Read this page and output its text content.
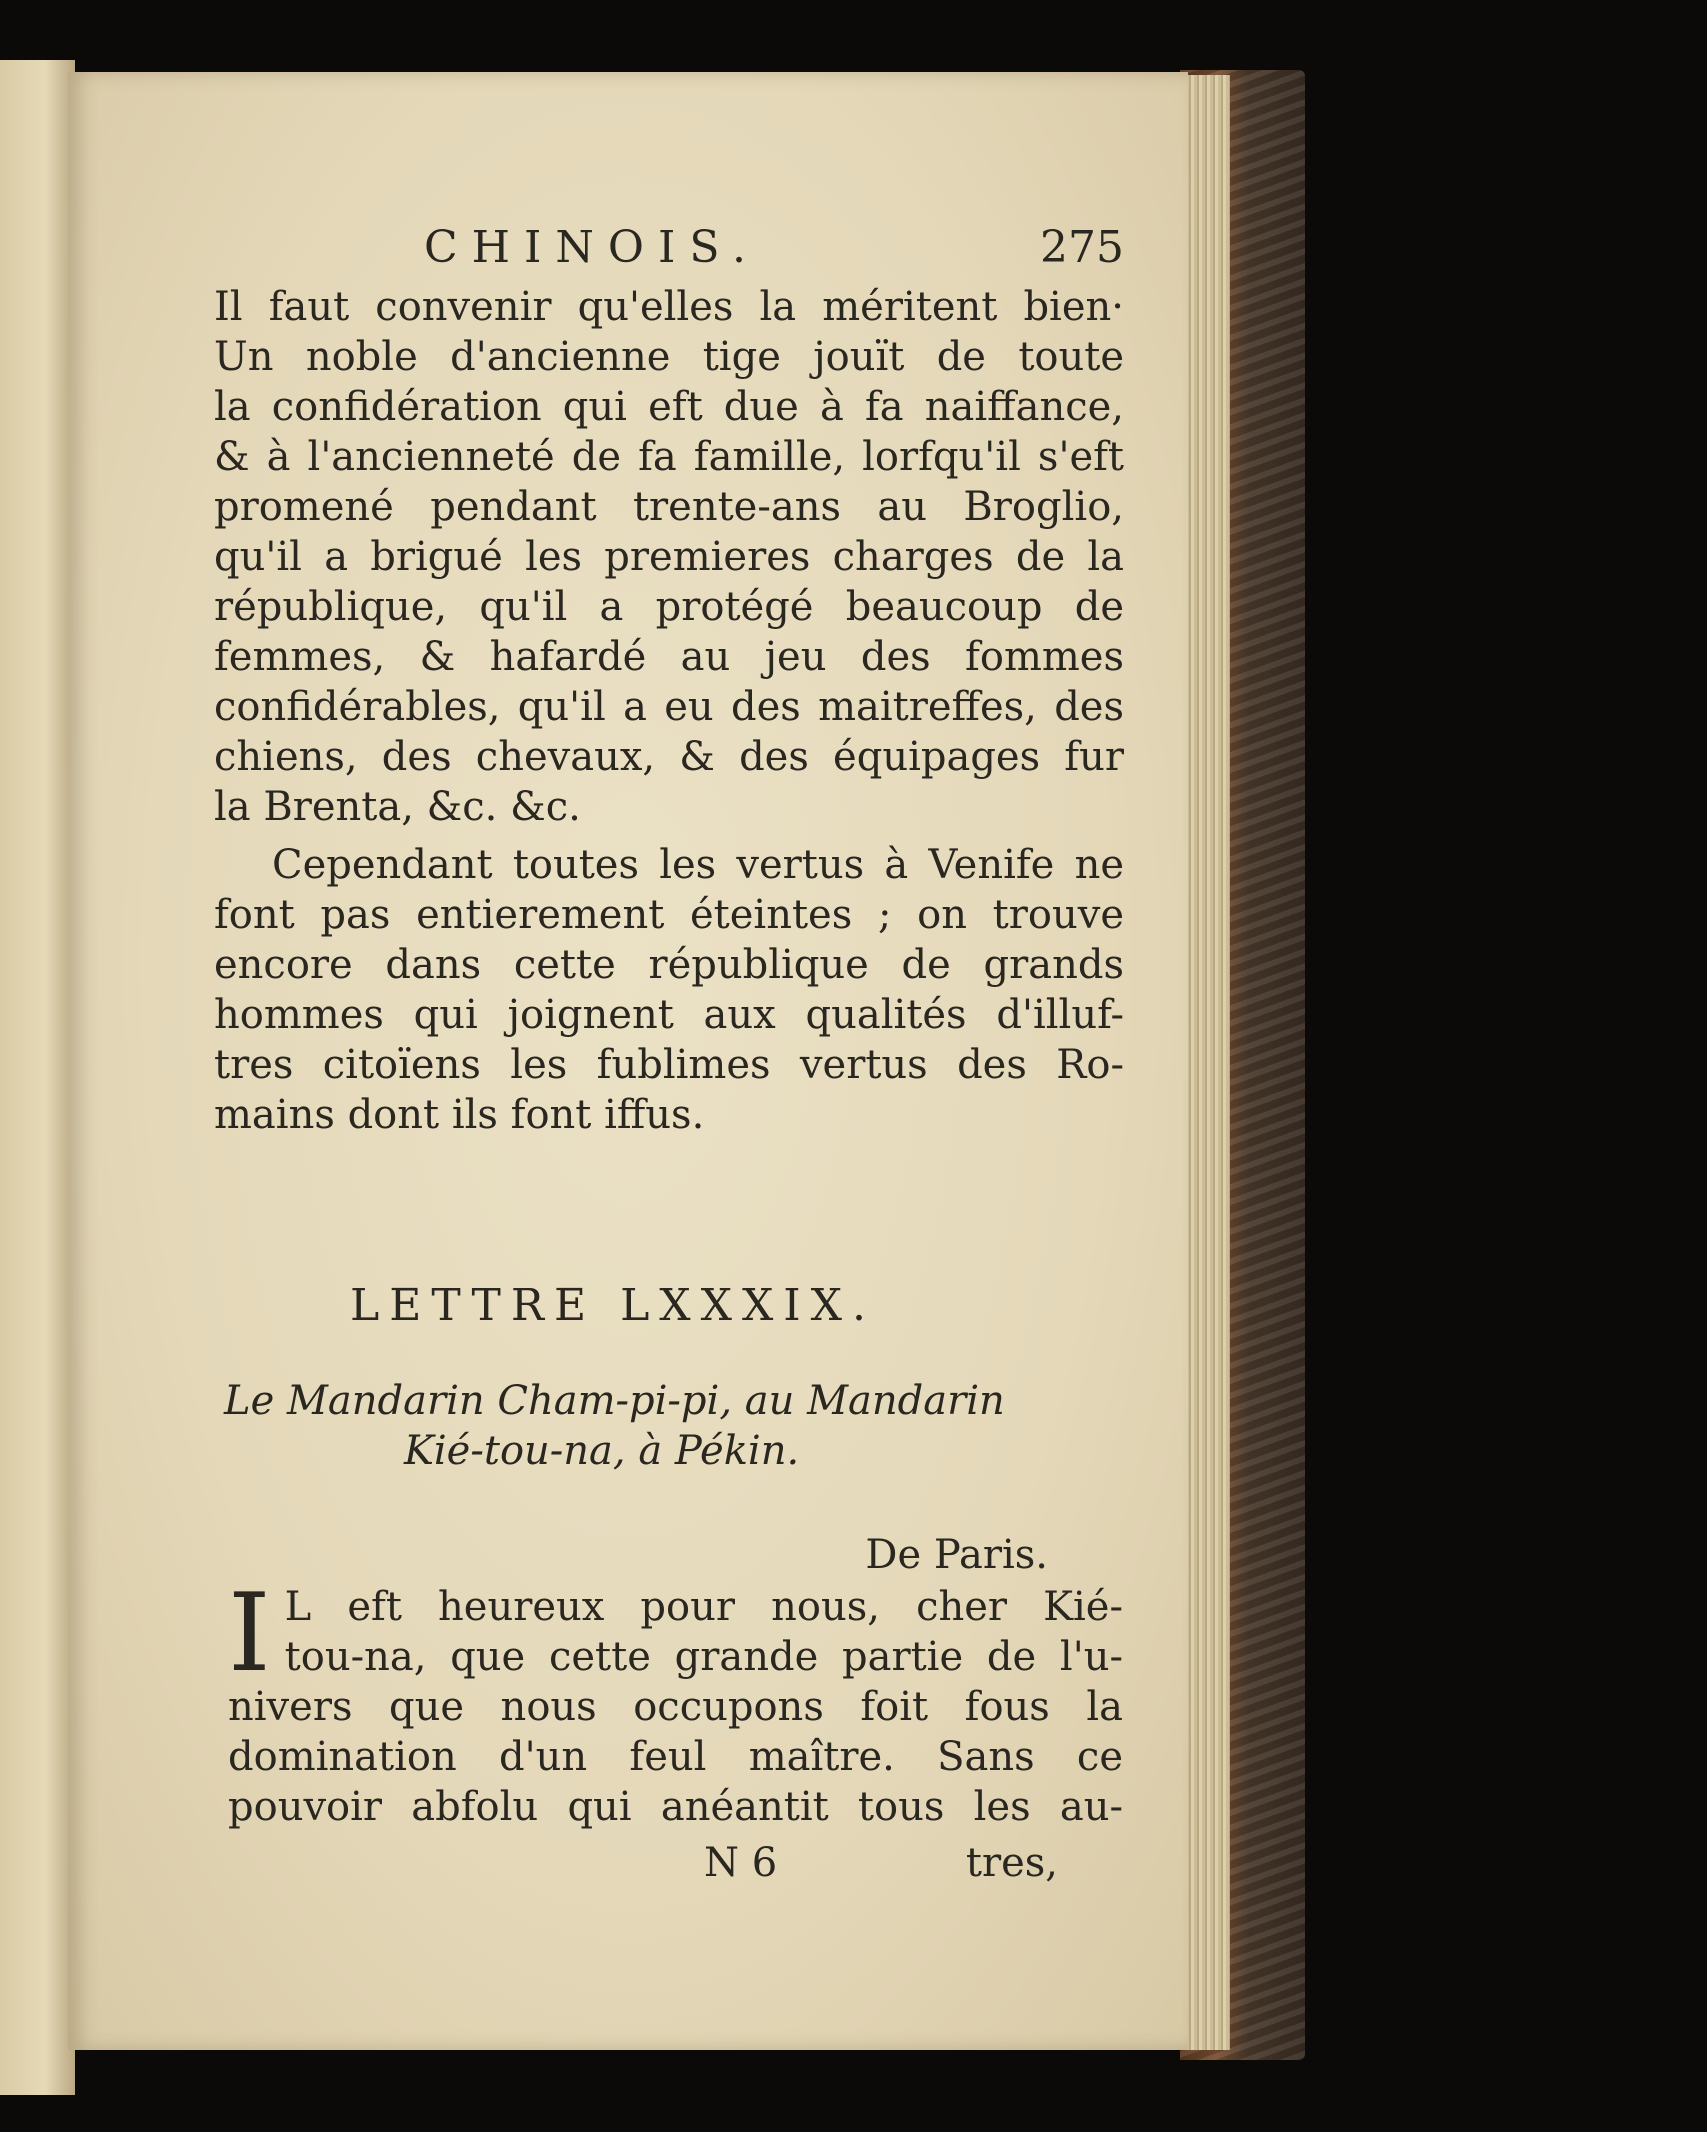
CHINOIS.	275
Il faut convenir qu'elles la méritent bien·
Un noble d'ancienne tige jouït de toute
la confidération qui eft due à fa naiffance,
& à l'ancienneté de fa famille, lorfqu'il s'eft
promené pendant trente-ans au Broglio,
qu'il a brigué les premieres charges de la
république, qu'il a protégé beaucoup de
femmes, & hafardé au jeu des fommes
confidérables, qu'il a eu des maitreffes, des
chiens, des chevaux, & des équipages fur
la Brenta, &c. &c.
Cependant toutes les vertus à Venife ne
font pas entierement éteintes ; on trouve
encore dans cette république de grands
hommes qui joignent aux qualités d'illuf-
tres citoïens les fublimes vertus des Ro-
mains dont ils font iffus.
LETTRE LXXXIX.
Le Mandarin Cham-pi-pi, au Mandarin
Kié-tou-na, à Pékin.
De Paris.
I L eft heureux pour nous, cher Kié-
tou-na, que cette grande partie de l'u-
nivers que nous occupons foit fous la
domination d'un feul maître. Sans ce
pouvoir abfolu qui anéantit tous les au-
N 6	tres,
